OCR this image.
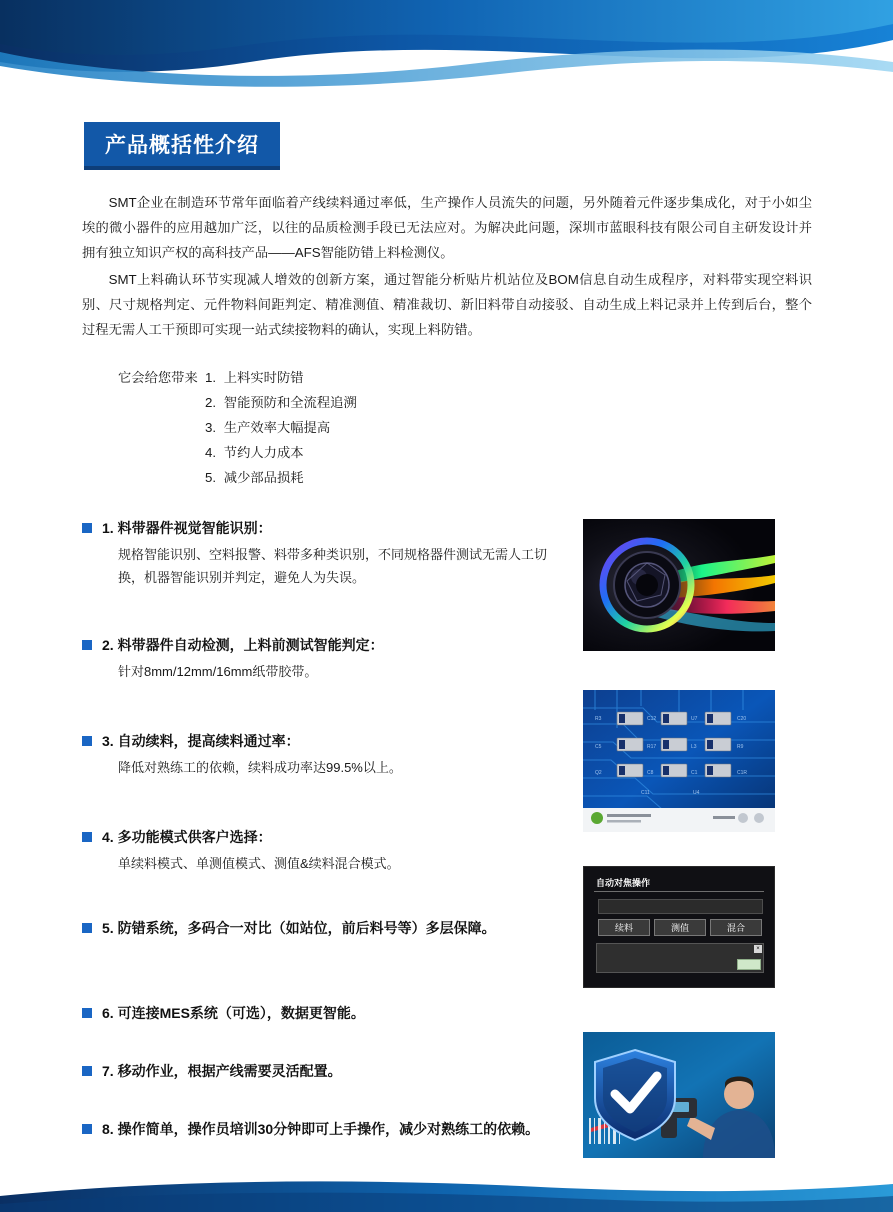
产品概括性介绍

SMT企业在制造环节常年面临着产线续料通过率低，生产操作人员流失的问题，另外随着元件逐步集成化，对于小如尘埃的微小器件的应用越加广泛，以往的品质检测手段已无法应对。为解决此问题，深圳市蓝眼科技有限公司自主研发设计并拥有独立知识产权的高科技产品——AFS智能防错上料检测仪。

SMT上料确认环节实现减人增效的创新方案，通过智能分析贴片机站位及BOM信息自动生成程序，对料带实现空料识别、尺寸规格判定、元件物料间距判定、精准测值、精准裁切、新旧料带自动接驳、自动生成上料记录并上传到后台，整个过程无需人工干预即可实现一站式续接物料的确认，实现上料防错。

它会给您带来	1. 上料实时防错
2. 智能预防和全流程追溯
3. 生产效率大幅提高
4. 节约人力成本
5. 减少部品损耗
1. 料带器件视觉智能识别：
规格智能识别、空料报警、料带多种类识别，不同规格器件测试无需人工切换，机器智能识别并判定，避免人为失误。
2. 料带器件自动检测，上料前测试智能判定：
针对8mm/12mm/16mm纸带胶带。
3. 自动续料，提高续料通过率：
降低对熟练工的依赖，续料成功率达99.5%以上。
4. 多功能模式供客户选择：
单续料模式、单测值模式、测值&续料混合模式。
5. 防错系统，多码合一对比（如站位，前后料号等）多层保障。
6. 可连接MES系统（可选），数据更智能。
7. 移动作业，根据产线需要灵活配置。
8. 操作简单，操作员培训30分钟即可上手操作，减少对熟练工的依赖。
R3	C12	U7	C20
C5	R17	L3	R9
Q2	C8	C1	C1R
C11	U4
自动对焦操作
续料	测值	混合
×
